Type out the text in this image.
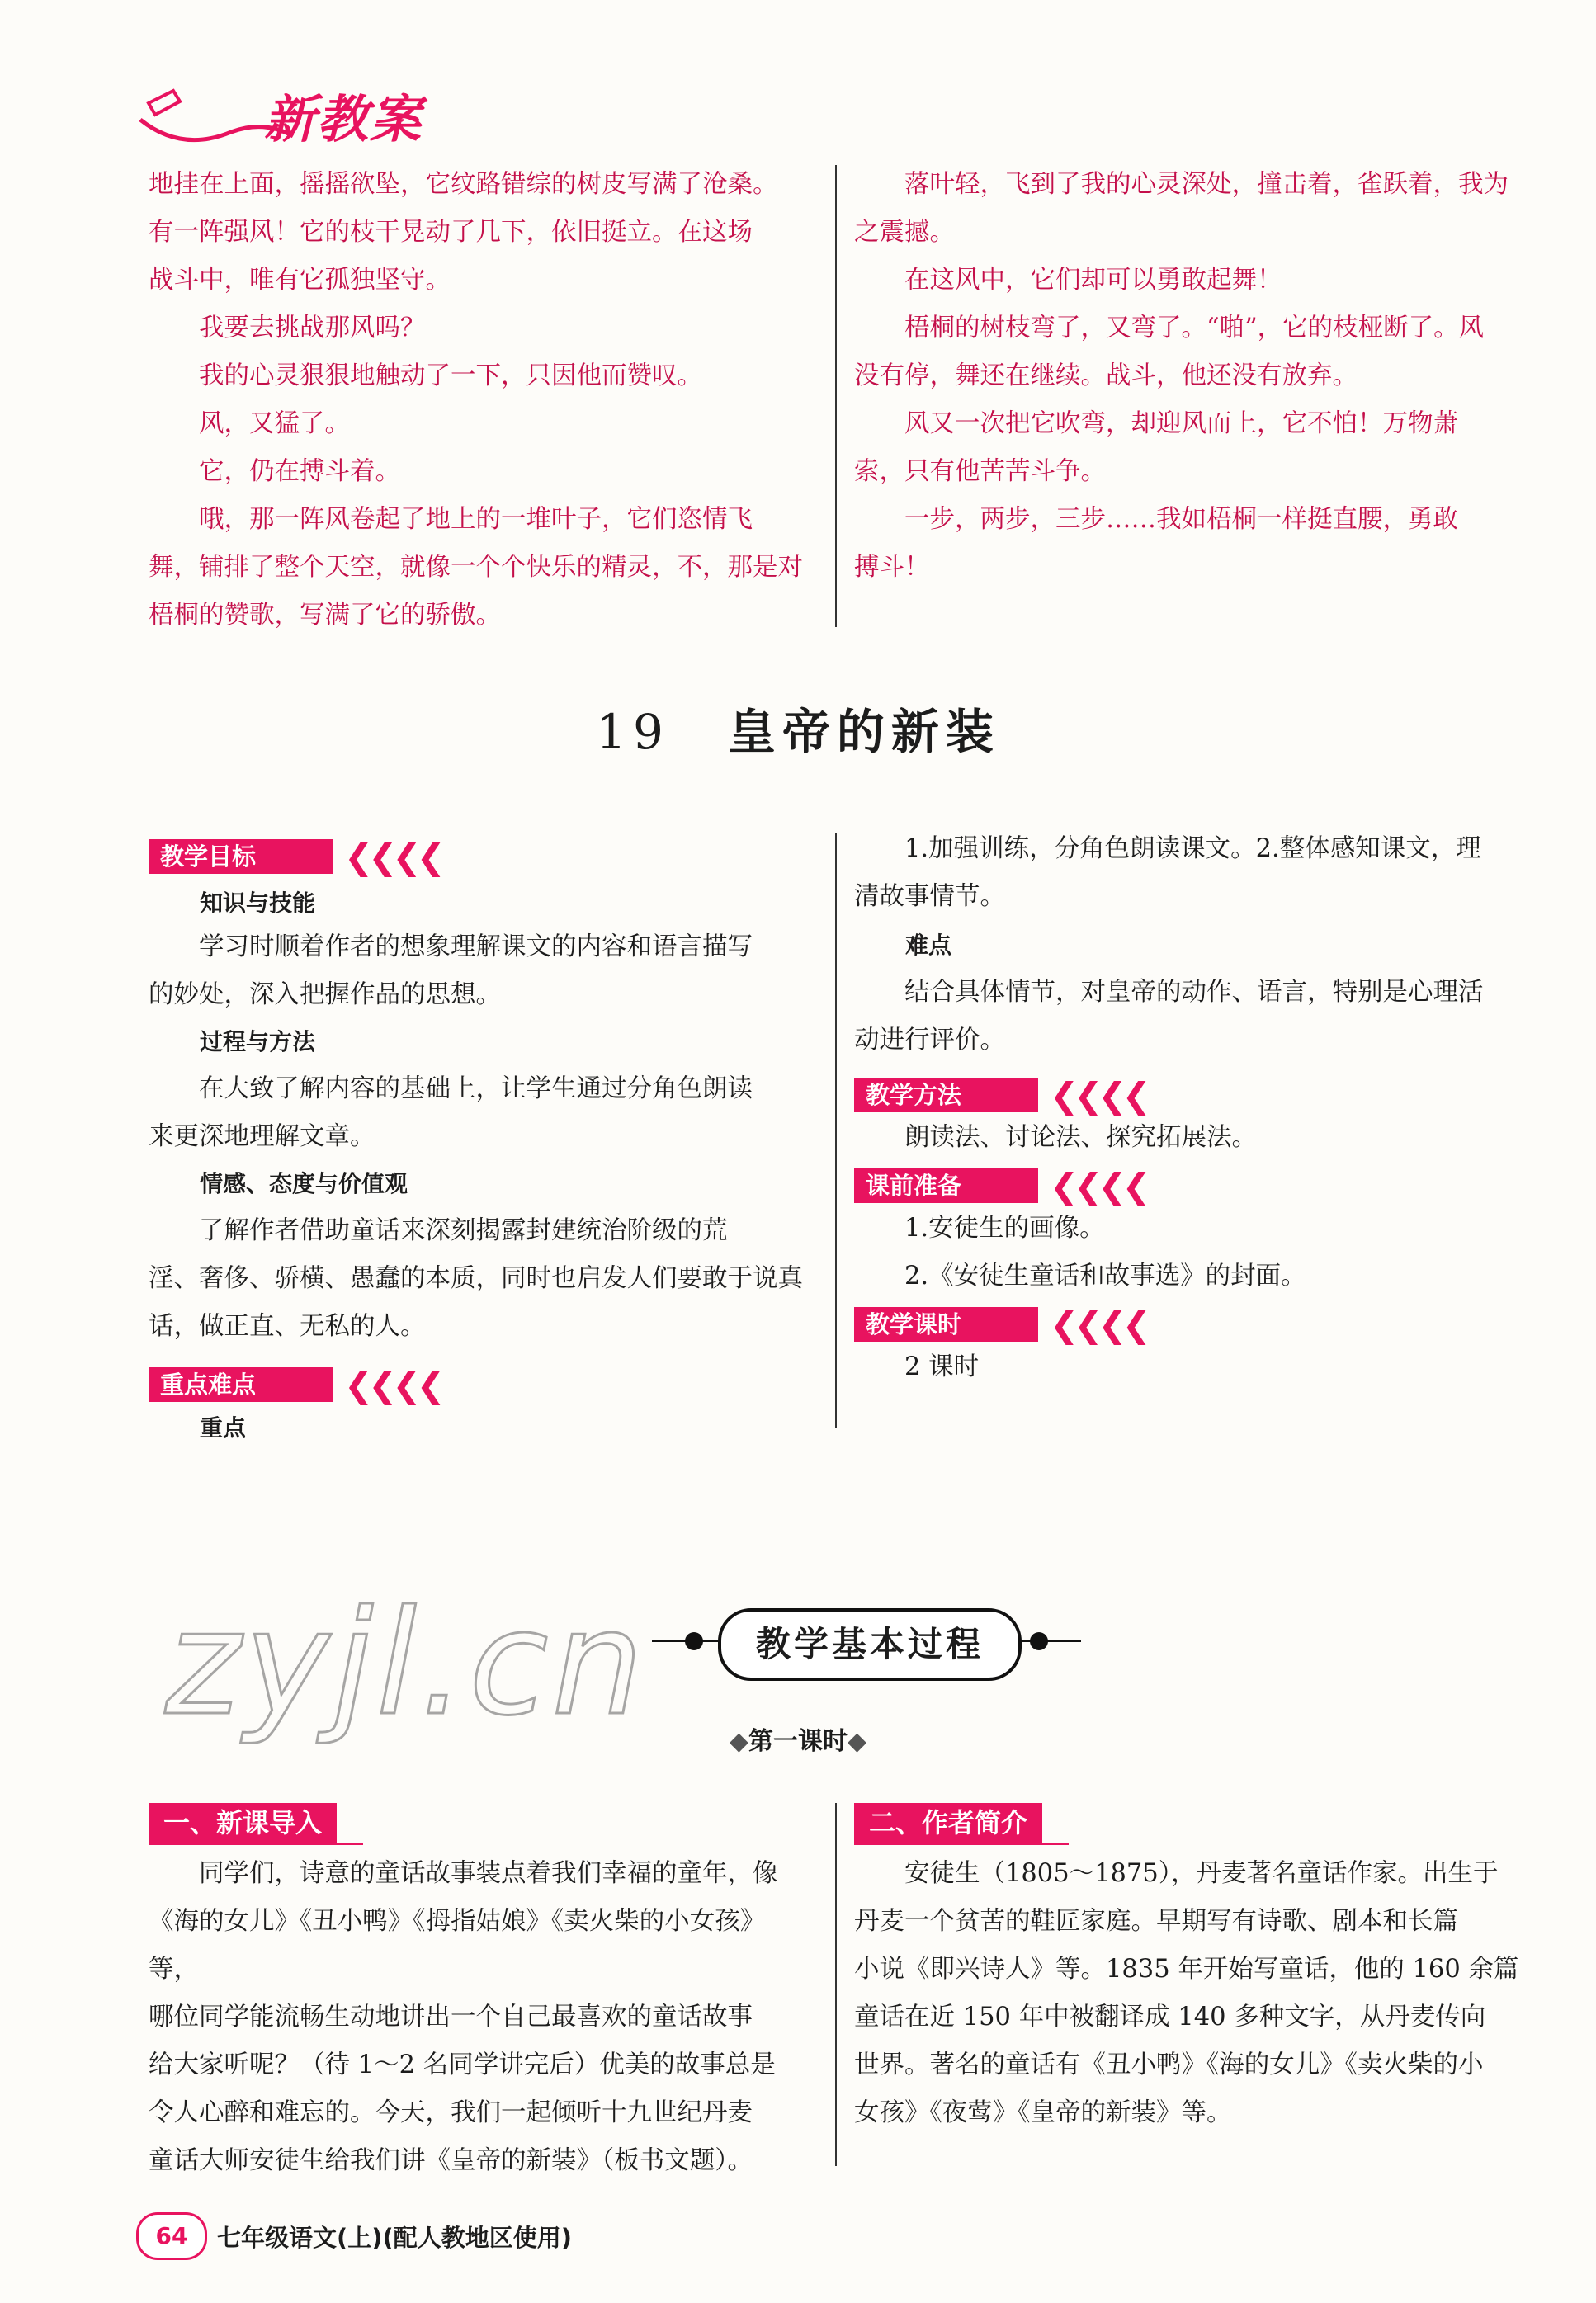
新教案

地挂在上面，摇摇欲坠，它纹路错综的树皮写满了沧桑。

有一阵强风！它的枝干晃动了几下，依旧挺立。在这场

战斗中，唯有它孤独坚守。

　　我要去挑战那风吗？

　　我的心灵狠狠地触动了一下，只因他而赞叹。

　　风，又猛了。

　　它，仍在搏斗着。

　　哦，那一阵风卷起了地上的一堆叶子，它们恣情飞

舞，铺排了整个天空，就像一个个快乐的精灵，不，那是对

梧桐的赞歌，写满了它的骄傲。

　　落叶轻，飞到了我的心灵深处，撞击着，雀跃着，我为

之震撼。

　　在这风中，它们却可以勇敢起舞！

　　梧桐的树枝弯了，又弯了。“啪”，它的枝桠断了。风

没有停，舞还在继续。战斗，他还没有放弃。

　　风又一次把它吹弯，却迎风而上，它不怕！万物萧

索，只有他苦苦斗争。

　　一步，两步，三步……我如梧桐一样挺直腰，勇敢

搏斗！

19 皇帝的新装
教学目标	❮❮❮❮
知识与技能

　　学习时顺着作者的想象理解课文的内容和语言描写

的妙处，深入把握作品的思想。

过程与方法

　　在大致了解内容的基础上，让学生通过分角色朗读

来更深地理解文章。

情感、态度与价值观

　　了解作者借助童话来深刻揭露封建统治阶级的荒

淫、奢侈、骄横、愚蠢的本质，同时也启发人们要敢于说真

话，做正直、无私的人。

重点难点	❮❮❮❮
重点

　　1.加强训练，分角色朗读课文。2.整体感知课文，理

清故事情节。

难点

　　结合具体情节，对皇帝的动作、语言，特别是心理活

动进行评价。

教学方法	❮❮❮❮

　　朗读法、讨论法、探究拓展法。

课前准备	❮❮❮❮

　　1.安徒生的画像。

　　2.《安徒生童话和故事选》的封面。

教学课时	❮❮❮❮

　　2 课时

zyjl.cn	教学基本过程
◆第一课时◆
一、新课导入

　　同学们，诗意的童话故事装点着我们幸福的童年，像

《海的女儿》《丑小鸭》《拇指姑娘》《卖火柴的小女孩》等，

哪位同学能流畅生动地讲出一个自己最喜欢的童话故事

给大家听呢？（待 1～2 名同学讲完后）优美的故事总是

令人心醉和难忘的。今天，我们一起倾听十九世纪丹麦

童话大师安徒生给我们讲《皇帝的新装》（板书文题）。

二、作者简介

　　安徒生（1805～1875），丹麦著名童话作家。出生于

丹麦一个贫苦的鞋匠家庭。早期写有诗歌、剧本和长篇

小说《即兴诗人》等。1835 年开始写童话，他的 160 余篇

童话在近 150 年中被翻译成 140 多种文字，从丹麦传向

世界。著名的童话有《丑小鸭》《海的女儿》《卖火柴的小

女孩》《夜莺》《皇帝的新装》等。

64	七年级语文(上)(配人教地区使用)
